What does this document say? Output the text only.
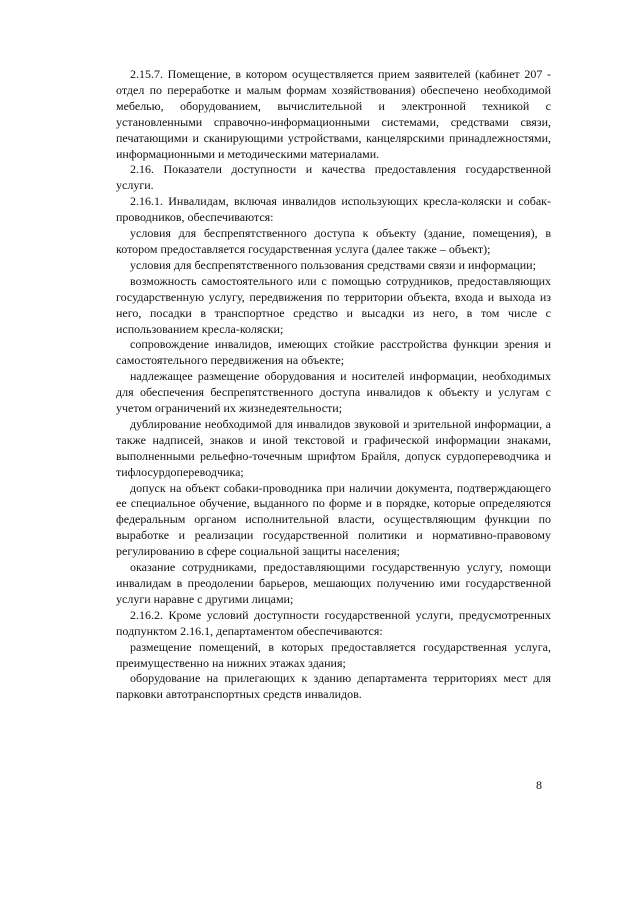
2.15.7. Помещение, в котором осуществляется прием заявителей (кабинет 207 - отдел по переработке и малым формам хозяйствования) обеспечено необходимой мебелью, оборудованием, вычислительной и электронной техникой с установленными справочно-информационными системами, средствами связи, печатающими и сканирующими устройствами, канцелярскими принадлежностями, информационными и методическими материалами.

2.16. Показатели доступности и качества предоставления государственной услуги.

2.16.1. Инвалидам, включая инвалидов использующих кресла-коляски и собак-проводников, обеспечиваются:

условия для беспрепятственного доступа к объекту (здание, помещения), в котором предоставляется государственная услуга (далее также – объект);

условия для беспрепятственного пользования средствами связи и информации;

возможность самостоятельного или с помощью сотрудников, предоставляющих государственную услугу, передвижения по территории объекта, входа и выхода из него, посадки в транспортное средство и высадки из него, в том числе с использованием кресла-коляски;

сопровождение инвалидов, имеющих стойкие расстройства функции зрения и самостоятельного передвижения на объекте;

надлежащее размещение оборудования и носителей информации, необходимых для обеспечения беспрепятственного доступа инвалидов к объекту и услугам с учетом ограничений их жизнедеятельности;

дублирование необходимой для инвалидов звуковой и зрительной информации, а также надписей, знаков и иной текстовой и графической информации знаками, выполненными рельефно-точечным шрифтом Брайля, допуск сурдопереводчика и тифлосурдопереводчика;

допуск на объект собаки-проводника при наличии документа, подтверждающего ее специальное обучение, выданного по форме и в порядке, которые определяются федеральным органом исполнительной власти, осуществляющим функции по выработке и реализации государственной политики и нормативно-правовому регулированию в сфере социальной защиты населения;

оказание сотрудниками, предоставляющими государственную услугу, помощи инвалидам в преодолении барьеров, мешающих получению ими государственной услуги наравне с другими лицами;

2.16.2. Кроме условий доступности государственной услуги, предусмотренных подпунктом 2.16.1, департаментом обеспечиваются:

размещение помещений, в которых предоставляется государственная услуга, преимущественно на нижних этажах здания;

оборудование на прилегающих к зданию департамента территориях мест для парковки автотранспортных средств инвалидов.

8
